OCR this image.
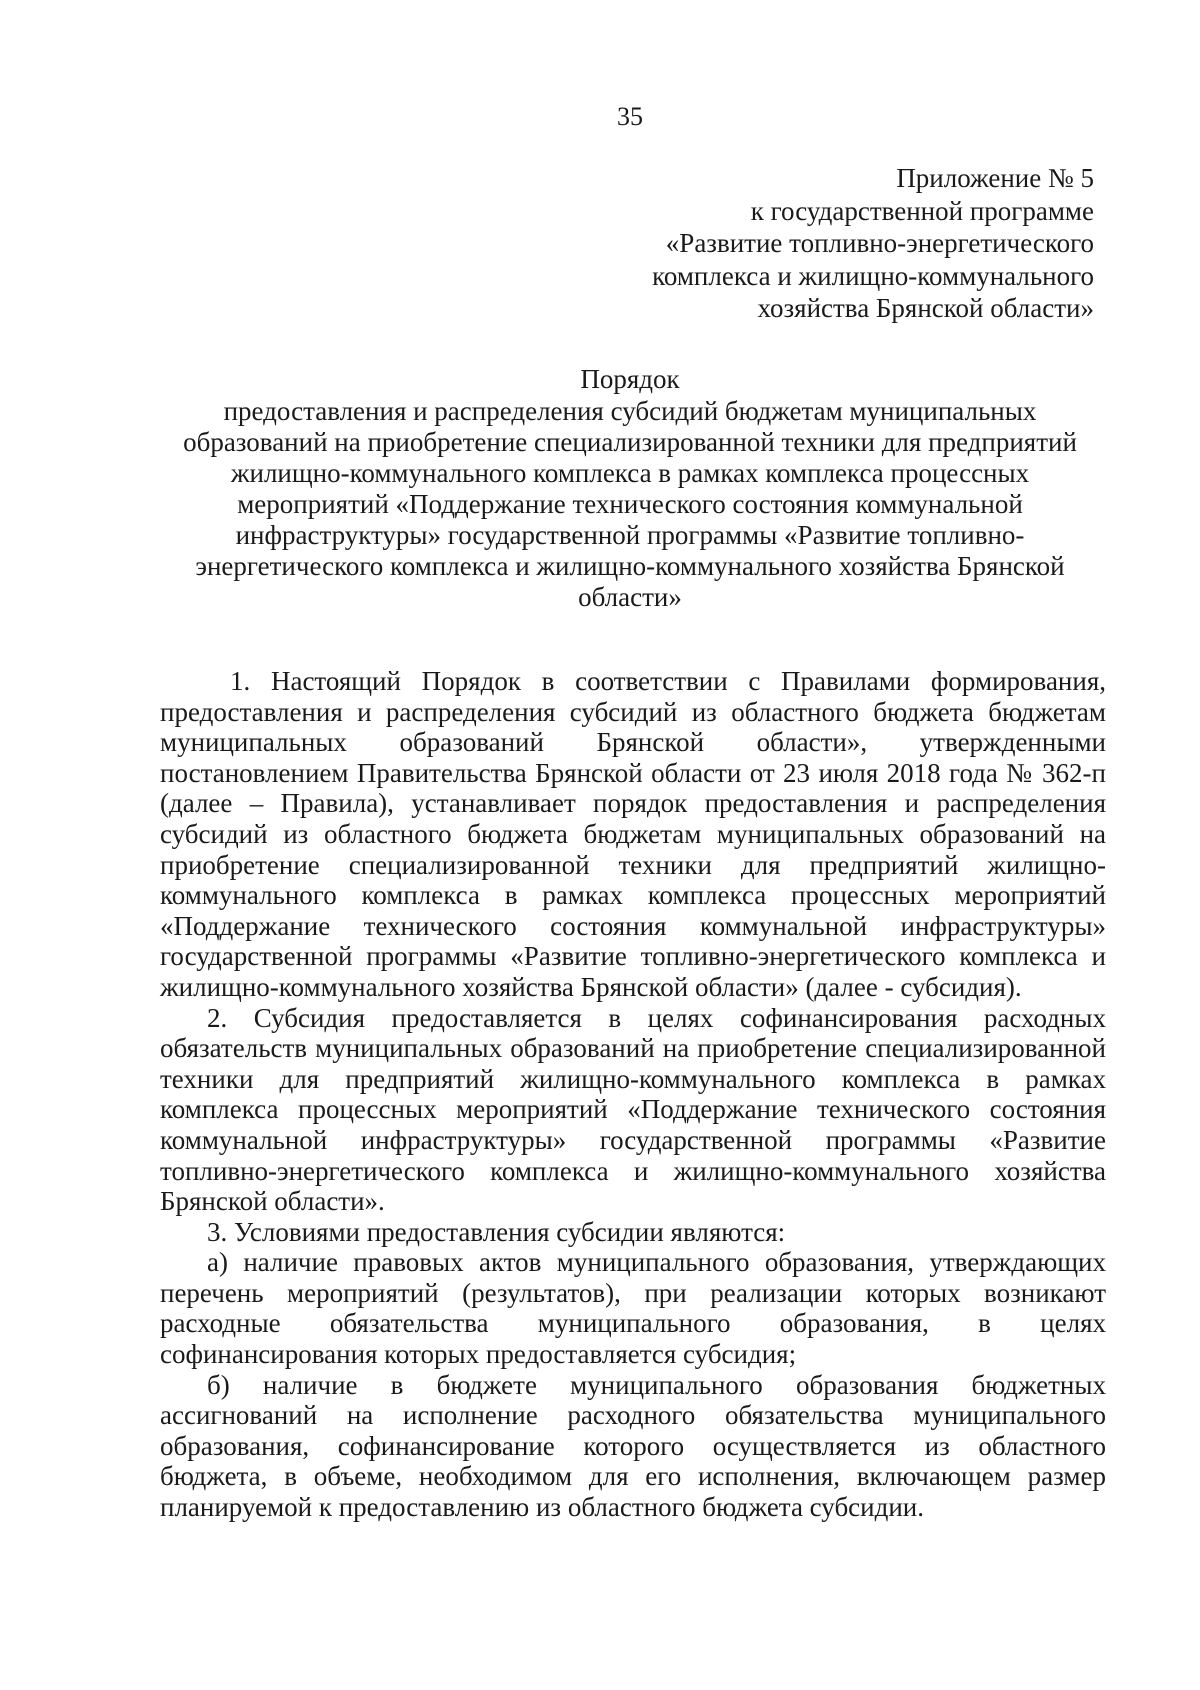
35
Приложение № 5
к государственной программе
«Развитие топливно-энергетического
комплекса и жилищно-коммунального
хозяйства Брянской области»
Порядок
предоставления и распределения субсидий бюджетам муниципальных
образований на приобретение специализированной техники для предприятий
жилищно-коммунального комплекса в рамках комплекса процессных
мероприятий «Поддержание технического состояния коммунальной
инфраструктуры» государственной программы «Развитие топливно-
энергетического комплекса и жилищно-коммунального хозяйства Брянской
области»

1. Настоящий Порядок в соответствии с Правилами формирования, предоставления и распределения субсидий из областного бюджета бюджетам муниципальных образований Брянской области», утвержденными постановлением Правительства Брянской области от 23 июля 2018 года № 362-п (далее – Правила), устанавливает порядок предоставления и распределения субсидий из областного бюджета бюджетам муниципальных образований на приобретение специализированной техники для предприятий жилищно-коммунального комплекса в рамках комплекса процессных мероприятий «Поддержание технического состояния коммунальной инфраструктуры» государственной программы «Развитие топливно-энергетического комплекса и жилищно-коммунального хозяйства Брянской области» (далее - субсидия).

2. Субсидия предоставляется в целях софинансирования расходных обязательств муниципальных образований на приобретение специализированной техники для предприятий жилищно-коммунального комплекса в рамках комплекса процессных мероприятий «Поддержание технического состояния коммунальной инфраструктуры» государственной программы «Развитие топливно-энергетического комплекса и жилищно-коммунального хозяйства Брянской области».

3. Условиями предоставления субсидии являются:

а) наличие правовых актов муниципального образования, утверждающих перечень мероприятий (результатов), при реализации которых возникают расходные обязательства муниципального образования, в целях софинансирования которых предоставляется субсидия;

б) наличие в бюджете муниципального образования бюджетных ассигнований на исполнение расходного обязательства муниципального образования, софинансирование которого осуществляется из областного бюджета, в объеме, необходимом для его исполнения, включающем размер планируемой к предоставлению из областного бюджета субсидии.
